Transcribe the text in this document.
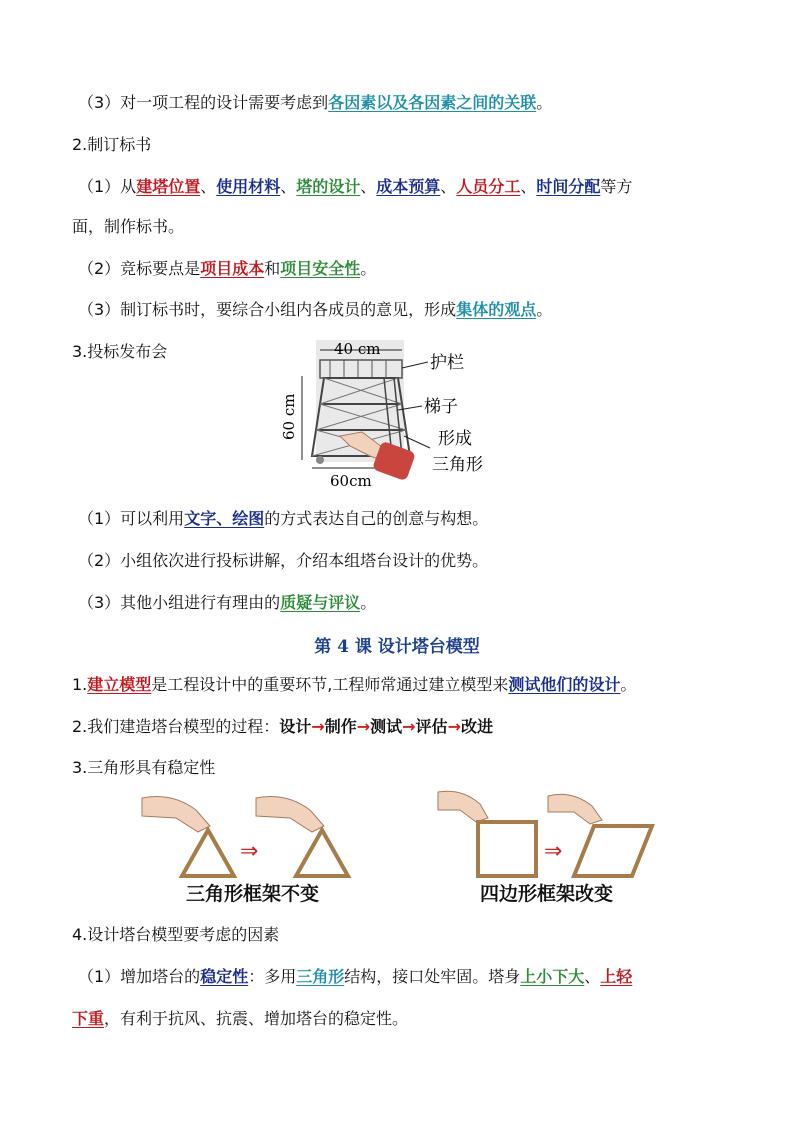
（3）对一项工程的设计需要考虑到各因素以及各因素之间的关联。
2.制订标书
（1）从建塔位置、使用材料、塔的设计、成本预算、人员分工、时间分配等方
面，制作标书。
（2）竞标要点是项目成本和项目安全性。
（3）制订标书时，要综合小组内各成员的意见，形成集体的观点。
3.投标发布会	40 cm
60 cm
60cm
护栏
梯子
形成
三角形
（1）可以利用文字、绘图的方式表达自己的创意与构想。
（2）小组依次进行投标讲解，介绍本组塔台设计的优势。
（3）其他小组进行有理由的质疑与评议。
第 4 课 设计塔台模型
1.建立模型是工程设计中的重要环节,工程师常通过建立模型来测试他们的设计。
2.我们建造塔台模型的过程：设计→制作→测试→评估→改进
3.三角形具有稳定性
⇒
三角形框架不变
⇒
四边形框架改变
4.设计塔台模型要考虑的因素
（1）增加塔台的稳定性：多用三角形结构，接口处牢固。塔身上小下大、上轻
下重，有利于抗风、抗震、增加塔台的稳定性。
